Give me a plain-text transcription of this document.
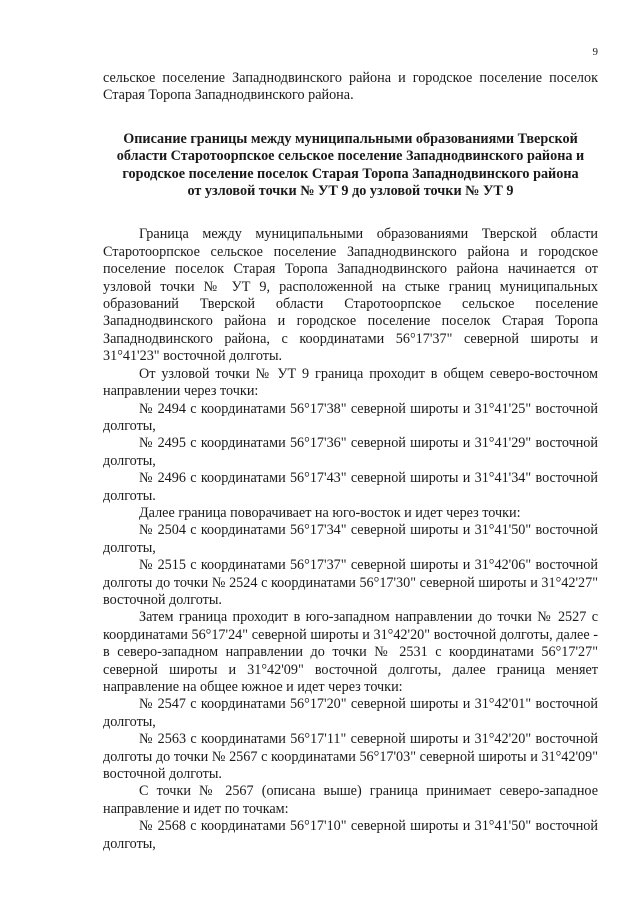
9

сельское поселение Западнодвинского района и городское поселение поселок Старая Торопа Западнодвинского района.

Описание границы между муниципальными образованиями Тверской
области Старотоорпское сельское поселение Западнодвинского района и
городское поселение поселок Старая Торопа Западнодвинского района
от узловой точки № УТ 9 до узловой точки № УТ 9

Граница между муниципальными образованиями Тверской области Старотоорпское сельское поселение Западнодвинского района и городское поселение поселок Старая Торопа Западнодвинского района начинается от узловой точки № УТ 9, расположенной на стыке границ муниципальных образований Тверской области Старотоорпское сельское поселение Западнодвинского района и городское поселение поселок Старая Торопа Западнодвинского района, с координатами 56°17'37" северной широты и 31°41'23" восточной долготы.

От узловой точки № УТ 9 граница проходит в общем северо-восточном направлении через точки:

№ 2494 с координатами 56°17'38" северной широты и 31°41'25" восточной долготы,

№ 2495 с координатами 56°17'36" северной широты и 31°41'29" восточной долготы,

№ 2496 с координатами 56°17'43" северной широты и 31°41'34" восточной долготы.

Далее граница поворачивает на юго-восток и идет через точки:

№ 2504 с координатами 56°17'34" северной широты и 31°41'50" восточной долготы,

№ 2515 с координатами 56°17'37" северной широты и 31°42'06" восточной долготы до точки № 2524 с координатами 56°17'30" северной широты и 31°42'27" восточной долготы.

Затем граница проходит в юго-западном направлении до точки № 2527 с координатами 56°17'24" северной широты и 31°42'20" восточной долготы, далее - в северо-западном направлении до точки № 2531 с координатами 56°17'27" северной широты и 31°42'09" восточной долготы, далее граница меняет направление на общее южное и идет через точки:

№ 2547 с координатами 56°17'20" северной широты и 31°42'01" восточной долготы,

№ 2563 с координатами 56°17'11" северной широты и 31°42'20" восточной долготы до точки № 2567 с координатами 56°17'03" северной широты и 31°42'09" восточной долготы.

С точки № 2567 (описана выше) граница принимает северо-западное направление и идет по точкам:

№ 2568 с координатами 56°17'10" северной широты и 31°41'50" восточной долготы,
